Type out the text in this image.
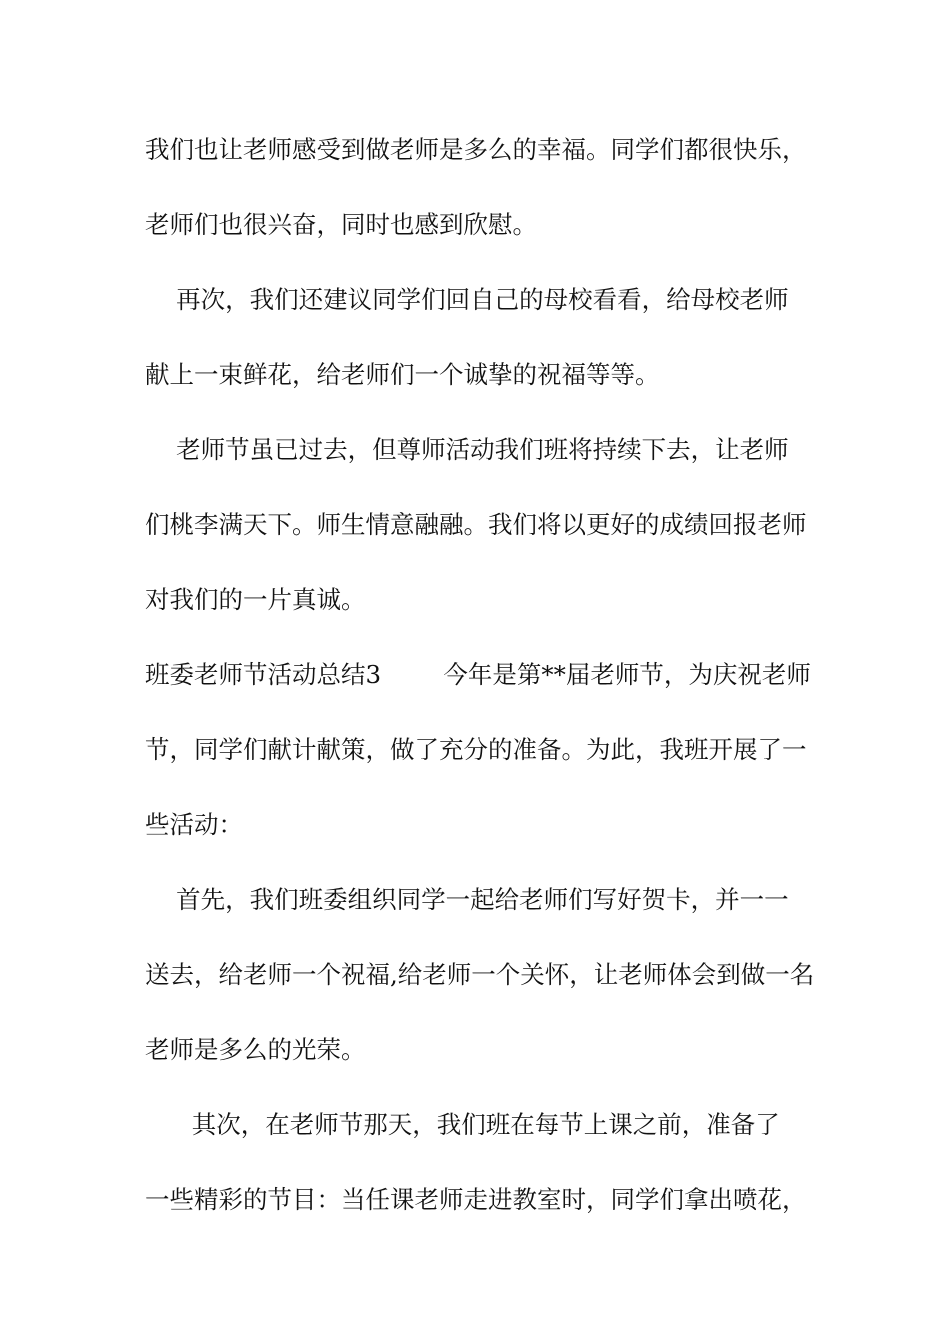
我们也让老师感受到做老师是多么的幸福。同学们都很快乐，
老师们也很兴奋，同时也感到欣慰。
再次，我们还建议同学们回自己的母校看看，给母校老师
献上一束鲜花，给老师们一个诚挚的祝福等等。
老师节虽已过去，但尊师活动我们班将持续下去，让老师
们桃李满天下。师生情意融融。我们将以更好的成绩回报老师
对我们的一片真诚。
班委老师节活动总结3        今年是第**届老师节，为庆祝老师
节，同学们献计献策，做了充分的准备。为此，我班开展了一
些活动：
首先，我们班委组织同学一起给老师们写好贺卡，并一一
送去，给老师一个祝福,给老师一个关怀，让老师体会到做一名
老师是多么的光荣。
其次，在老师节那天，我们班在每节上课之前，准备了
一些精彩的节目：当任课老师走进教室时，同学们拿出喷花，
